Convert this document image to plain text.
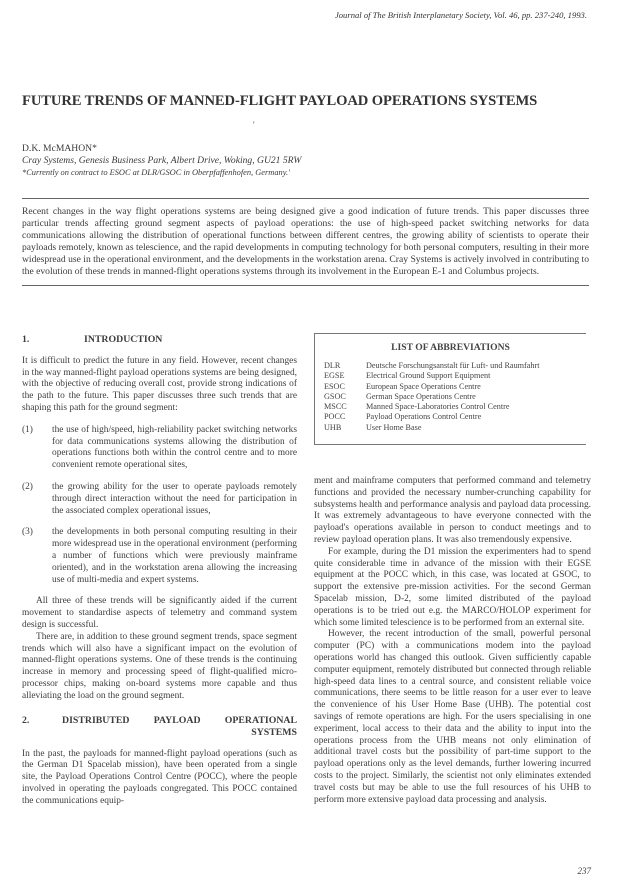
Journal of The British Interplanetary Society, Vol. 46, pp. 237-240, 1993.
FUTURE TRENDS OF MANNED-FLIGHT PAYLOAD OPERATIONS SYSTEMS
'
D.K. McMAHON*
Cray Systems, Genesis Business Park, Albert Drive, Woking, GU21 5RW
*Currently on contract to ESOC at DLR/GSOC in Oberpfaffenhofen, Germany.'

Recent changes in the way flight operations systems are being designed give a good indication of future trends. This paper discusses three particular trends affecting ground segment aspects of payload operations: the use of high-speed packet switching networks for data communications allowing the distribution of operational functions between different centres, the growing ability of scientists to operate their payloads remotely, known as telescience, and the rapid developments in computing technology for both personal computers, resulting in their more widespread use in the operational environment, and the developments in the workstation arena. Cray Systems is actively involved in contributing to the evolution of these trends in manned-flight operations systems through its involvement in the European E-1 and Columbus projects.

1.	INTRODUCTION

It is difficult to predict the future in any field. However, recent changes in the way manned-flight payload operations systems are being designed, with the objective of reducing overall cost, provide strong indications of the path to the future. This paper discusses three such trends that are shaping this path for the ground segment:

(1)	the use of high/speed, high-reliability packet switching networks for data communications systems allowing the distribution of operations functions both within the control centre and to more convenient remote operational sites,
(2)	the growing ability for the user to operate payloads remotely through direct interaction without the need for participation in the associated complex operational issues,
(3)	the developments in both personal computing resulting in their more widespread use in the operational environment (performing a number of functions which were previously mainframe oriented), and in the workstation arena allowing the increasing use of multi-media and expert systems.

All three of these trends will be significantly aided if the current movement to standardise aspects of telemetry and command system design is successful.

There are, in addition to these ground segment trends, space segment trends which will also have a significant impact on the evolution of manned-flight operations systems. One of these trends is the continuing increase in memory and processing speed of flight-qualified micro-processor chips, making on-board systems more capable and thus alleviating the load on the ground segment.

2.	DISTRIBUTED PAYLOAD OPERATIONAL
SYSTEMS

In the past, the payloads for manned-flight payload operations (such as the German D1 Spacelab mission), have been operated from a single site, the Payload Operations Control Centre (POCC), where the people involved in operating the payloads congregated. This POCC contained the communications equip-

LIST OF ABBREVIATIONS
DLR	Deutsche Forschungsanstalt für Luft- und Raumfahrt
EGSE	Electrical Ground Support Equipment
ESOC	European Space Operations Centre
GSOC	German Space Operations Centre
MSCC	Manned Space-Laboratories Control Centre
POCC	Payload Operations Control Centre
UHB	User Home Base

ment and mainframe computers that performed command and telemetry functions and provided the necessary number-crunching capability for subsystems health and performance analysis and payload data processing. It was extremely advantageous to have everyone connected with the payload's operations available in person to conduct meetings and to review payload operation plans. It was also tremendously expensive.

For example, during the D1 mission the experimenters had to spend quite considerable time in advance of the mission with their EGSE equipment at the POCC which, in this case, was located at GSOC, to support the extensive pre-mission activities. For the second German Spacelab mission, D-2, some limited distributed of the payload operations is to be tried out e.g. the MARCO/HOLOP experiment for which some limited telescience is to be performed from an external site.

However, the recent introduction of the small, powerful personal computer (PC) with a communications modem into the payload operations world has changed this outlook. Given sufficiently capable computer equipment, remotely distributed but connected through reliable high-speed data lines to a central source, and consistent reliable voice communications, there seems to be little reason for a user ever to leave the convenience of his User Home Base (UHB). The potential cost savings of remote operations are high. For the users specialising in one experiment, local access to their data and the ability to input into the operations process from the UHB means not only elimination of additional travel costs but the possibility of part-time support to the payload operations only as the level demands, further lowering incurred costs to the project. Similarly, the scientist not only eliminates extended travel costs but may be able to use the full resources of his UHB to perform more extensive payload data processing and analysis.

237
